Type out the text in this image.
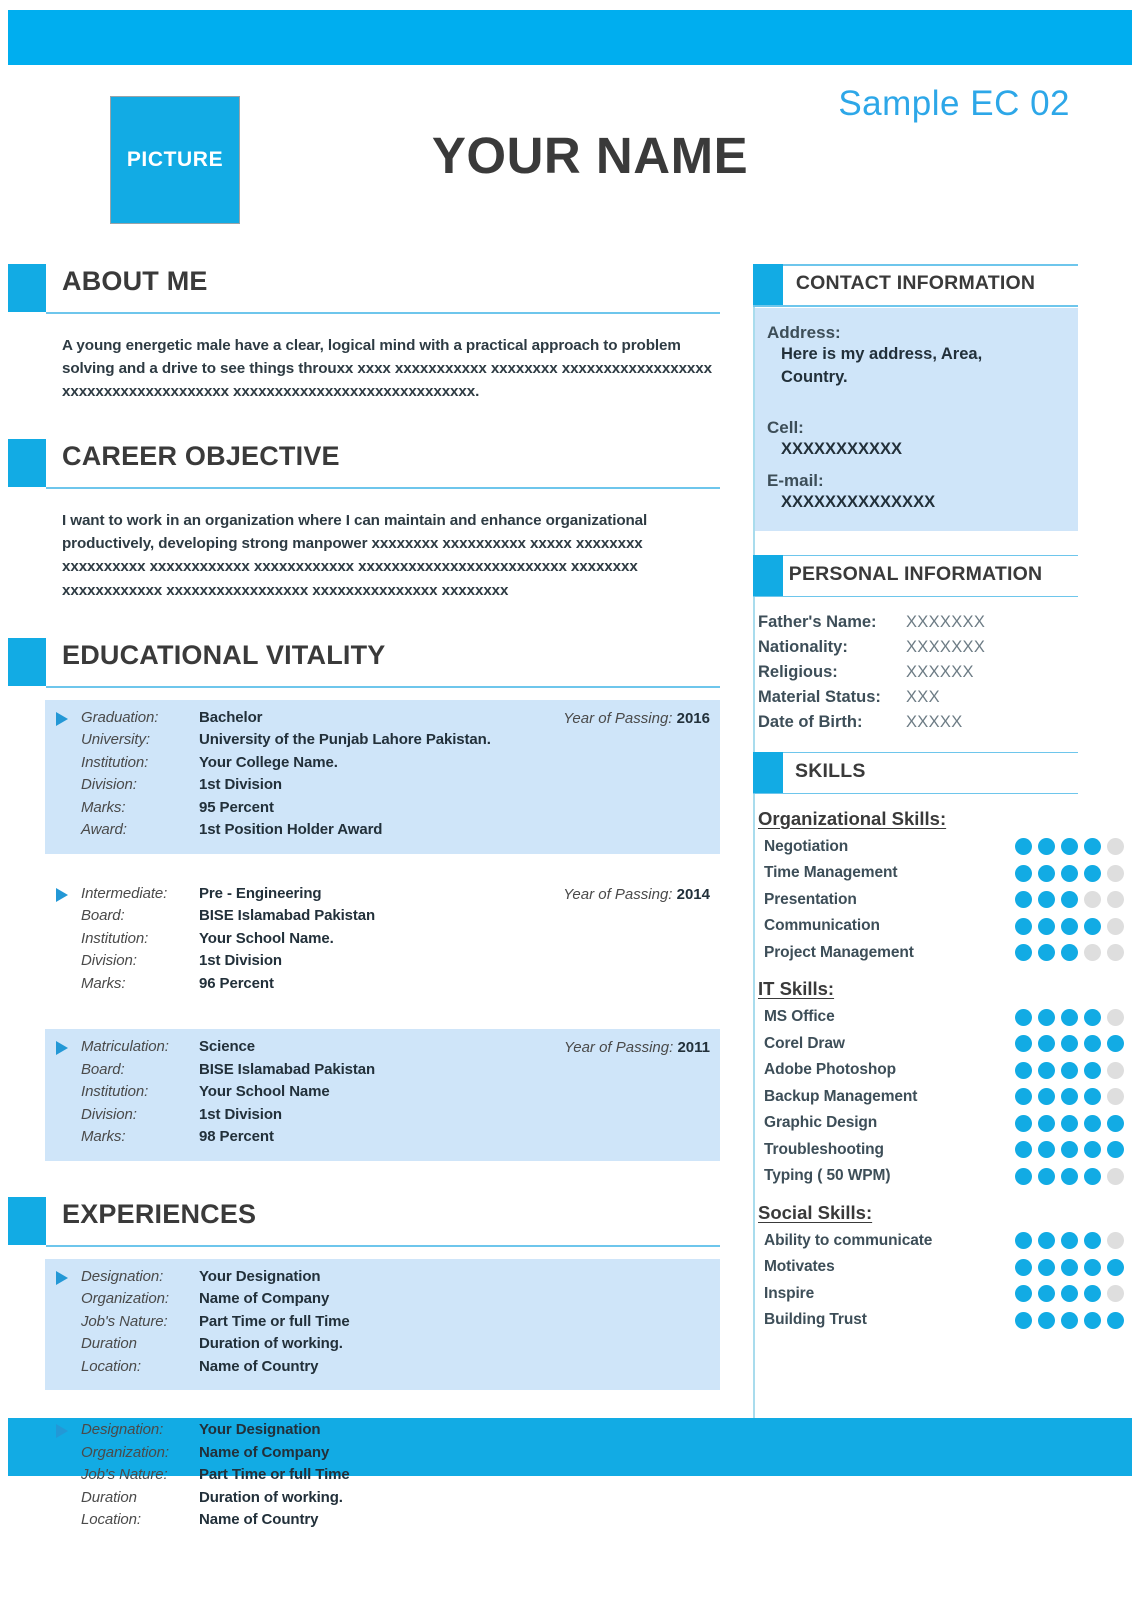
PICTURE	YOUR NAME
Sample EC 02
ABOUT ME
A young energetic male have a clear, logical mind with a practical approach to problem solving and a drive to see things throuxx xxxx xxxxxxxxxxx xxxxxxxx xxxxxxxxxxxxxxxxxx xxxxxxxxxxxxxxxxxxxx xxxxxxxxxxxxxxxxxxxxxxxxxxxxx.
CAREER OBJECTIVE
I want to work in an organization where I can maintain and enhance organizational productively, developing strong manpower xxxxxxxx xxxxxxxxxx xxxxx xxxxxxxx xxxxxxxxxx xxxxxxxxxxxx xxxxxxxxxxxx xxxxxxxxxxxxxxxxxxxxxxxxx xxxxxxxx xxxxxxxxxxxx xxxxxxxxxxxxxxxxx xxxxxxxxxxxxxxx xxxxxxxx
EDUCATIONAL VITALITY
Graduation:	Bachelor
University:	University of the Punjab Lahore Pakistan.
Institution:	Your College Name.
Division:	1st Division
Marks:	95 Percent
Award:	1st Position Holder Award
Year of Passing: 2016
Intermediate:	Pre - Engineering
Board:	BISE Islamabad Pakistan
Institution:	Your School Name.
Division:	1st Division
Marks:	96 Percent
Year of Passing: 2014
Matriculation:	Science
Board:	BISE Islamabad Pakistan
Institution:	Your School Name
Division:	1st Division
Marks:	98 Percent
Year of Passing: 2011
EXPERIENCES
Designation:	Your Designation
Organization:	Name of Company
Job's Nature:	Part Time or full Time
Duration	Duration of working.
Location:	Name of Country
Designation:	Your Designation
Organization:	Name of Company
Job's Nature:	Part Time or full Time
Duration	Duration of working.
Location:	Name of Country
CONTACT INFORMATION
Address:
Here is my address, Area,
Country.
Cell:
XXXXXXXXXXX
E-mail:
XXXXXXXXXXXXXX
PERSONAL INFORMATION
Father's Name:	XXXXXXX
Nationality:	XXXXXXX
Religious:	XXXXXX
Material Status:	XXX
Date of Birth:	XXXXX
SKILLS
Organizational Skills:
Negotiation
Time Management
Presentation
Communication
Project Management
IT Skills:
MS Office
Corel Draw
Adobe Photoshop
Backup Management
Graphic Design
Troubleshooting
Typing ( 50 WPM)
Social Skills:
Ability to communicate
Motivates
Inspire
Building Trust
